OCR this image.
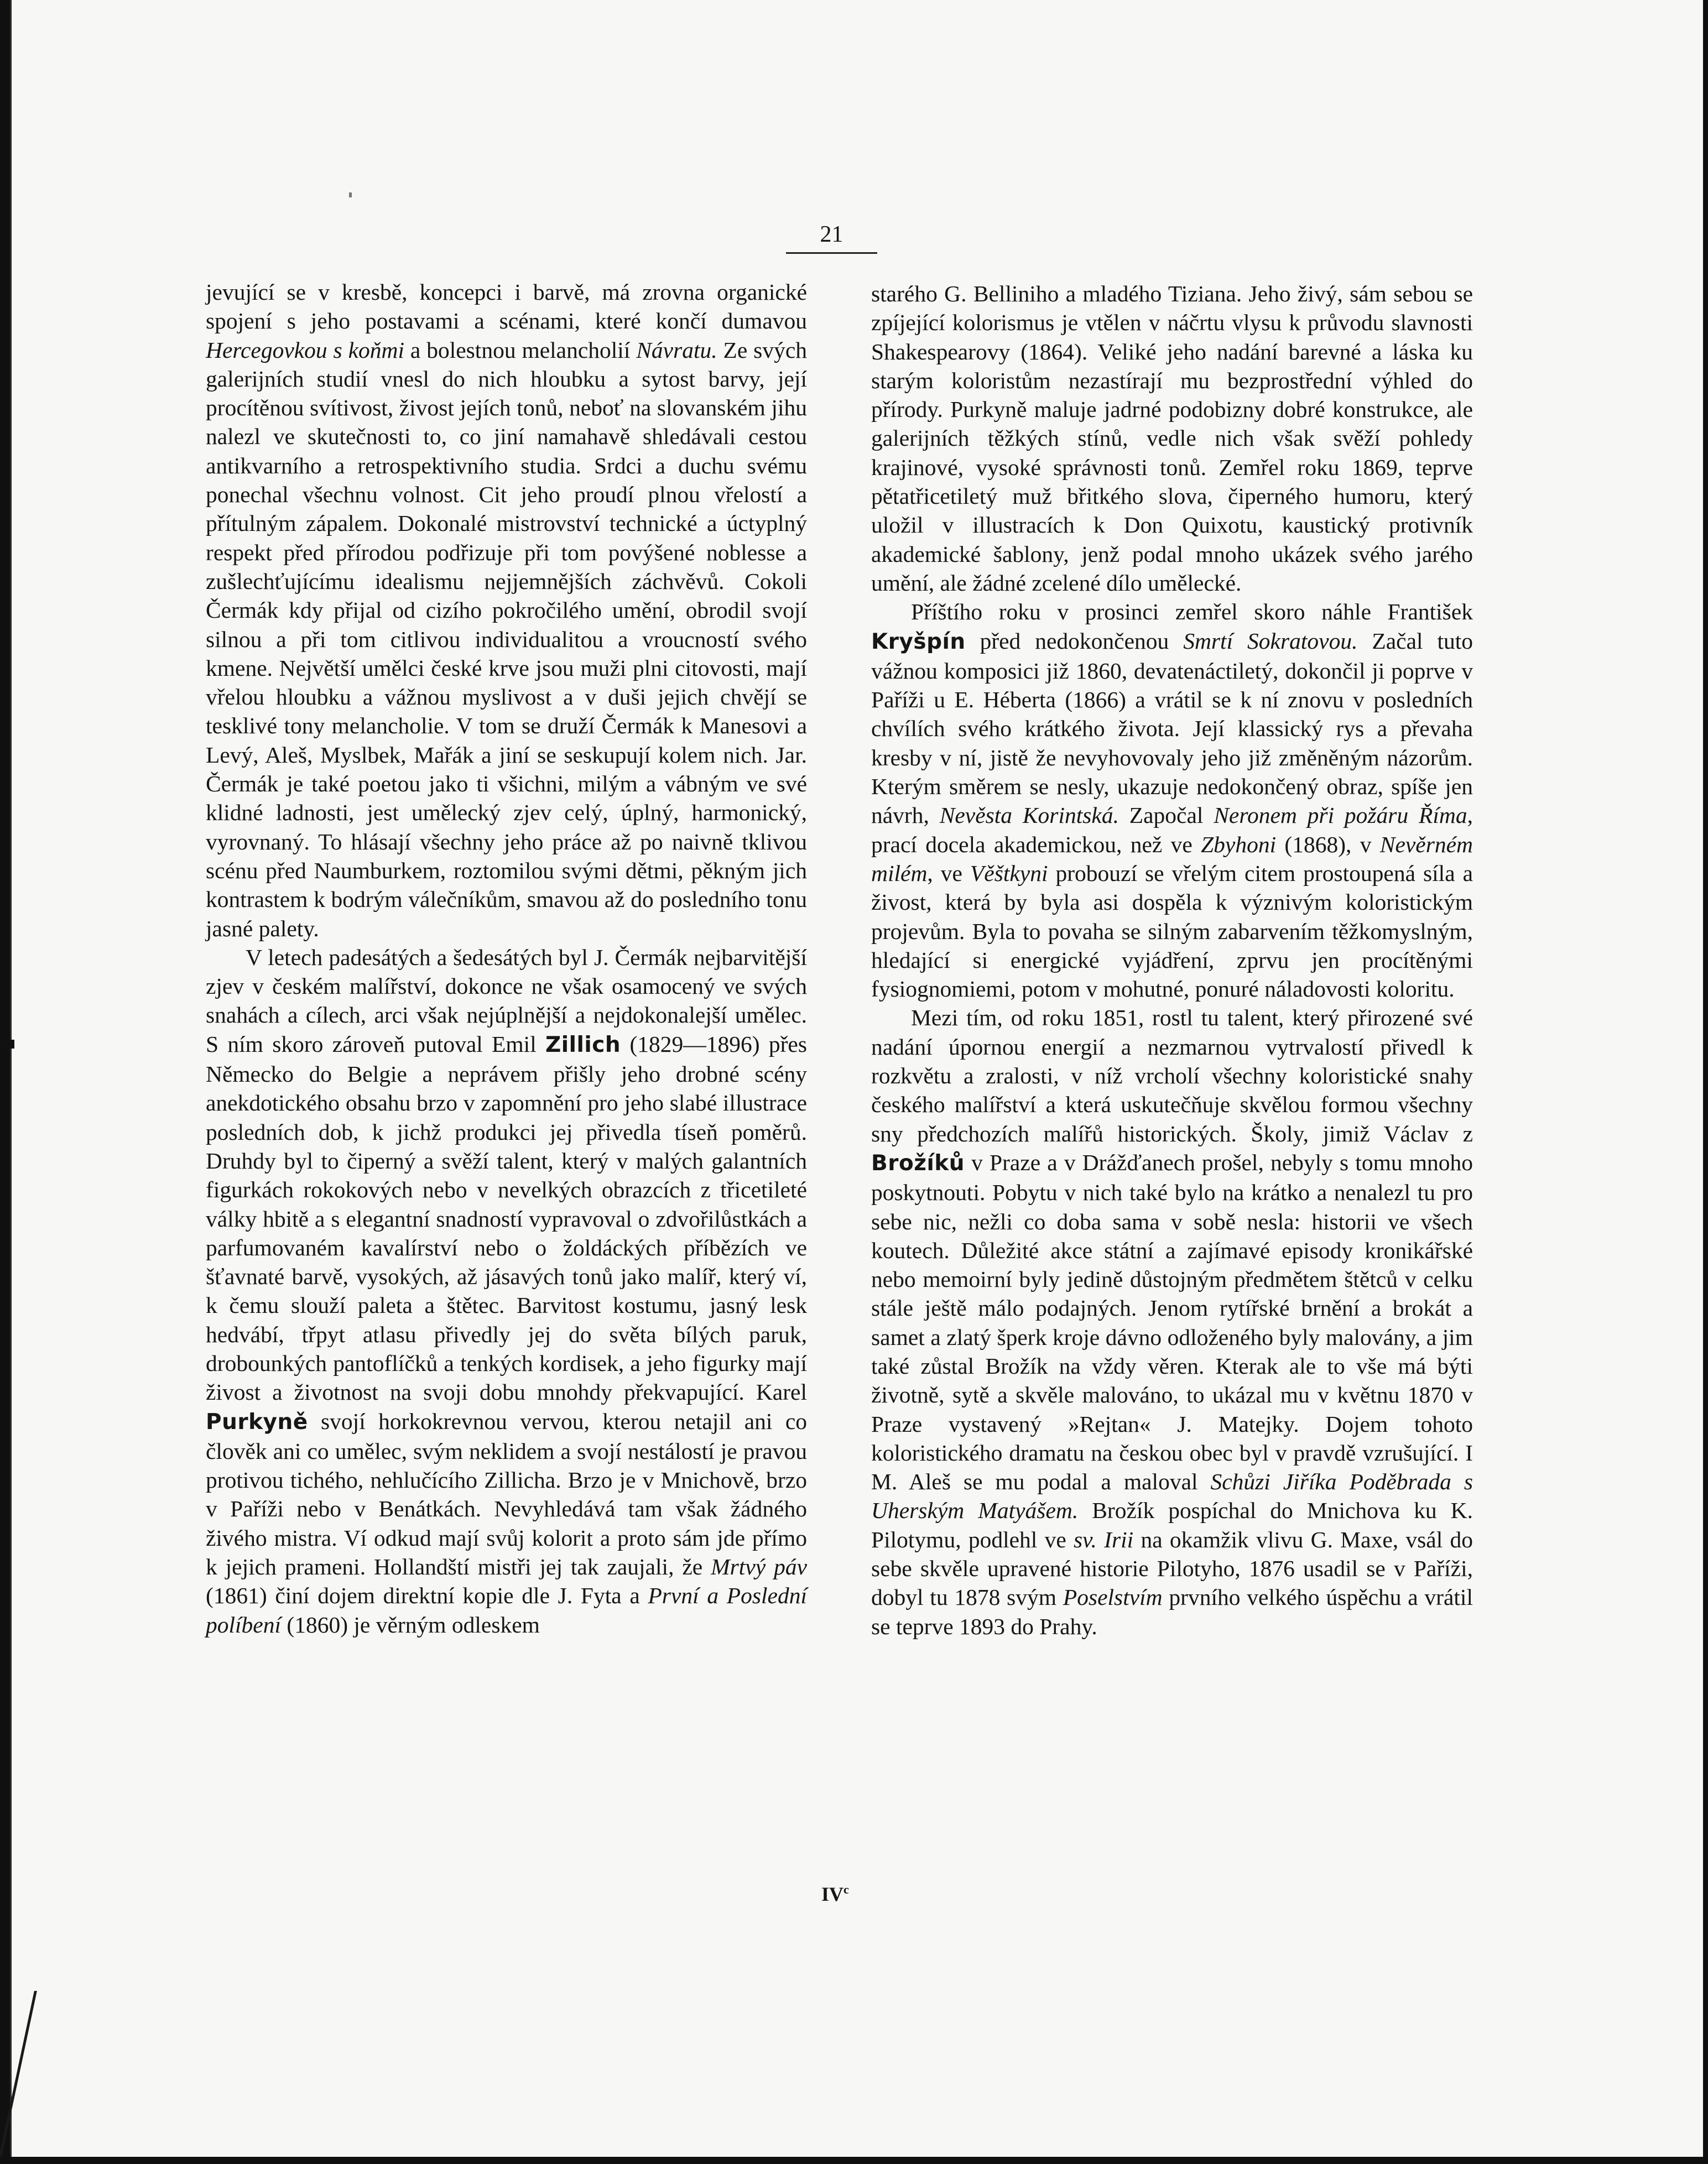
21

jevující se v kresbě, koncepci i barvě, má zrovna organické spojení s jeho postavami a scénami, které končí dumavou Hercegovkou s koňmi a bolestnou melancholií Návratu. Ze svých galerijních studií vnesl do nich hloubku a sytost barvy, její procítěnou svítivost, živost jejích tonů, neboť na slovanském jihu nalezl ve skutečnosti to, co jiní namahavě shledávali cestou antikvarního a retrospektivního studia. Srdci a duchu svému ponechal všechnu volnost. Cit jeho proudí plnou vřelostí a přítulným zápalem. Dokonalé mistrovství technické a úctyplný respekt před přírodou podřizuje při tom povýšené noblesse a zušlechťujícímu idealismu nejjemnějších záchvěvů. Cokoli Čermák kdy přijal od cizího pokročilého umění, obrodil svojí silnou a při tom citlivou individualitou a vroucností svého kmene. Největší umělci české krve jsou muži plni citovosti, mají vřelou hloubku a vážnou myslivost a v duši jejich chvějí se tesklivé tony melancholie. V tom se druží Čermák k Manesovi a Levý, Aleš, Myslbek, Mařák a jiní se seskupují kolem nich. Jar. Čermák je také poetou jako ti všichni, milým a vábným ve své klidné ladnosti, jest umělecký zjev celý, úplný, harmonický, vyrovnaný. To hlásají všechny jeho práce až po naivně tklivou scénu před Naumburkem, roztomilou svými dětmi, pěkným jich kontrastem k bodrým válečníkům, smavou až do posledního tonu jasné palety.

V letech padesátých a šedesátých byl J. Čermák nejbarvitější zjev v českém malířství, dokonce ne však osamocený ve svých snahách a cílech, arci však nejúplnější a nejdokonalejší umělec. S ním skoro zároveň putoval Emil Zillich (1829—1896) přes Německo do Belgie a neprávem přišly jeho drobné scény anekdotického obsahu brzo v zapomnění pro jeho slabé illustrace posledních dob, k jichž produkci jej přivedla tíseň poměrů. Druhdy byl to čiperný a svěží talent, který v malých galantních figurkách rokokových nebo v nevelkých obrazcích z třicetileté války hbitě a s elegantní snadností vypravoval o zdvořilůstkách a parfumovaném kavalírství nebo o žoldáckých příbězích ve šťavnaté barvě, vysokých, až jásavých tonů jako malíř, který ví, k čemu slouží paleta a štětec. Barvitost kostumu, jasný lesk hedvábí, třpyt atlasu přivedly jej do světa bílých paruk, drobounkých pantoflíčků a tenkých kordisek, a jeho figurky mají živost a životnost na svoji dobu mnohdy překvapující. Karel Purkyně svojí horkokrevnou vervou, kterou netajil ani co člověk ani co umělec, svým neklidem a svojí nestálostí je pravou protivou tichého, nehlučícího Zillicha. Brzo je v Mnichově, brzo v Paříži nebo v Benátkách. Nevyhledává tam však žádného živého mistra. Ví odkud mají svůj kolorit a proto sám jde přímo k jejich prameni. Hollandští mistři jej tak zaujali, že Mrtvý páv (1861) činí dojem direktní kopie dle J. Fyta a První a Poslední políbení (1860) je věrným odleskem

starého G. Belliniho a mladého Tiziana. Jeho živý, sám sebou se zpíjející kolorismus je vtělen v náčrtu vlysu k průvodu slavnosti Shakespearovy (1864). Veliké jeho nadání barevné a láska ku starým koloristům nezastírají mu bezprostřední výhled do přírody. Purkyně maluje jadrné podobizny dobré konstrukce, ale galerijních těžkých stínů, vedle nich však svěží pohledy krajinové, vysoké správnosti tonů. Zemřel roku 1869, teprve pětatřicetiletý muž břitkého slova, čiperného humoru, který uložil v illustracích k Don Quixotu, kaustický protivník akademické šablony, jenž podal mnoho ukázek svého jarého umění, ale žádné zcelené dílo umělecké.

Příštího roku v prosinci zemřel skoro náhle František Kryšpín před nedokončenou Smrtí Sokratovou. Začal tuto vážnou komposici již 1860, devatenáctiletý, dokončil ji poprve v Paříži u E. Héberta (1866) a vrátil se k ní znovu v posledních chvílích svého krátkého života. Její klassický rys a převaha kresby v ní, jistě že nevyhovovaly jeho již změněným názorům. Kterým směrem se nesly, ukazuje nedokončený obraz, spíše jen návrh, Nevěsta Korintská. Započal Neronem při požáru Říma, prací docela akademickou, než ve Zbyhoni (1868), v Nevěrném milém, ve Věštkyni probouzí se vřelým citem prostoupená síla a živost, která by byla asi dospěla k význivým koloristickým projevům. Byla to povaha se silným zabarvením těžkomyslným, hledající si energické vyjádření, zprvu jen procítěnými fysiognomiemi, potom v mohutné, ponuré náladovosti koloritu.

Mezi tím, od roku 1851, rostl tu talent, který přirozené své nadání úpornou energií a nezmarnou vytrvalostí přivedl k rozkvětu a zralosti, v níž vrcholí všechny koloristické snahy českého malířství a která uskutečňuje skvělou formou všechny sny předchozích malířů historických. Školy, jimiž Václav z Brožíků v Praze a v Drážďanech prošel, nebyly s tomu mnoho poskytnouti. Pobytu v nich také bylo na krátko a nenalezl tu pro sebe nic, nežli co doba sama v sobě nesla: historii ve všech koutech. Důležité akce státní a zajímavé episody kronikářské nebo memoirní byly jedině důstojným předmětem štětců v celku stále ještě málo podajných. Jenom rytířské brnění a brokát a samet a zlatý šperk kroje dávno odloženého byly malovány, a jim také zůstal Brožík na vždy věren. Kterak ale to vše má býti životně, sytě a skvěle malováno, to ukázal mu v květnu 1870 v Praze vystavený »Rejtan« J. Matejky. Dojem tohoto koloristického dramatu na českou obec byl v pravdě vzrušující. I M. Aleš se mu podal a maloval Schůzi Jiříka Poděbrada s Uherským Matyášem. Brožík pospíchal do Mnichova ku K. Pilotymu, podlehl ve sv. Irii na okamžik vlivu G. Maxe, vsál do sebe skvěle upravené historie Pilotyho, 1876 usadil se v Paříži, dobyl tu 1878 svým Poselstvím prvního velkého úspěchu a vrátil se teprve 1893 do Prahy.

$IV^c$
